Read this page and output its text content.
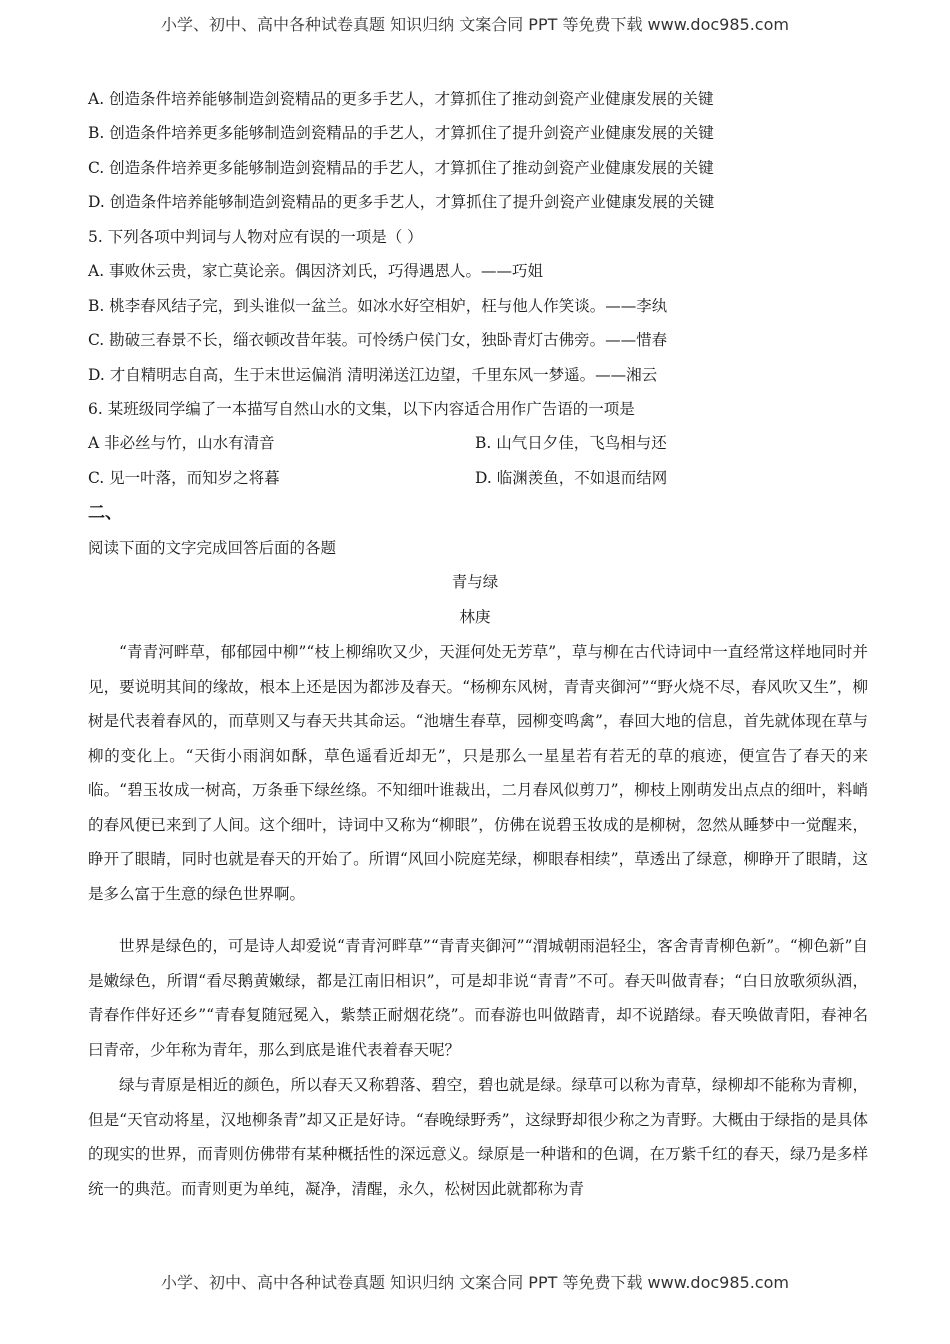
小学、初中、高中各种试卷真题 知识归纳 文案合同 PPT 等免费下载 www.doc985.com
A. 创造条件培养能够制造剑瓷精品的更多手艺人，才算抓住了推动剑瓷产业健康发展的关键
B. 创造条件培养更多能够制造剑瓷精品的手艺人，才算抓住了提升剑瓷产业健康发展的关键
C. 创造条件培养更多能够制造剑瓷精品的手艺人，才算抓住了推动剑瓷产业健康发展的关键
D. 创造条件培养能够制造剑瓷精品的更多手艺人，才算抓住了提升剑瓷产业健康发展的关键
5. 下列各项中判词与人物对应有误的一项是（ ）
A. 事败休云贵，家亡莫论亲。偶因济刘氏，巧得遇恩人。——巧姐
B. 桃李春风结子完，到头谁似一盆兰。如冰水好空相妒，枉与他人作笑谈。——李纨
C. 勘破三春景不长，缁衣顿改昔年装。可怜绣户侯门女，独卧青灯古佛旁。——惜春
D. 才自精明志自高，生于末世运偏消 清明涕送江边望，千里东风一梦遥。——湘云
6. 某班级同学编了一本描写自然山水的文集，以下内容适合用作广告语的一项是
A 非必丝与竹，山水有清音	B. 山气日夕佳，飞鸟相与还
C. 见一叶落，而知岁之将暮	D. 临渊羡鱼，不如退而结网
二、
阅读下面的文字完成回答后面的各题
青与绿
林庚

“青青河畔草，郁郁园中柳”“枝上柳绵吹又少，天涯何处无芳草”，草与柳在古代诗词中一直经常这样地同时并见，要说明其间的缘故，根本上还是因为都涉及春天。“杨柳东风树，青青夹御河”“野火烧不尽，春风吹又生”，柳树是代表着春风的，而草则又与春天共其命运。“池塘生春草，园柳变鸣禽”，春回大地的信息，首先就体现在草与柳的变化上。“天街小雨润如酥，草色遥看近却无”，只是那么一星星若有若无的草的痕迹，便宣告了春天的来临。“碧玉妆成一树高，万条垂下绿丝绦。不知细叶谁裁出，二月春风似剪刀”，柳枝上刚萌发出点点的细叶，料峭的春风便已来到了人间。这个细叶，诗词中又称为“柳眼”，仿佛在说碧玉妆成的是柳树，忽然从睡梦中一觉醒来，睁开了眼睛，同时也就是春天的开始了。所谓“风回小院庭芜绿，柳眼春相续”，草透出了绿意，柳睁开了眼睛，这是多么富于生意的绿色世界啊。

世界是绿色的，可是诗人却爱说“青青河畔草”“青青夹御河”“渭城朝雨浥轻尘，客舍青青柳色新”。“柳色新”自是嫩绿色，所谓“看尽鹅黄嫩绿，都是江南旧相识”，可是却非说“青青”不可。春天叫做青春；“白日放歌须纵酒，青春作伴好还乡”“青春复随冠冕入，紫禁正耐烟花绕”。而春游也叫做踏青，却不说踏绿。春天唤做青阳，春神名曰青帝，少年称为青年，那么到底是谁代表着春天呢？

绿与青原是相近的颜色，所以春天又称碧落、碧空，碧也就是绿。绿草可以称为青草，绿柳却不能称为青柳，但是“天官动将星，汉地柳条青”却又正是好诗。“春晚绿野秀”，这绿野却很少称之为青野。大概由于绿指的是具体的现实的世界，而青则仿佛带有某种概括性的深远意义。绿原是一种谐和的色调，在万紫千红的春天，绿乃是多样统一的典范。而青则更为单纯，凝净，清醒，永久，松树因此就都称为青

小学、初中、高中各种试卷真题 知识归纳 文案合同 PPT 等免费下载 www.doc985.com
